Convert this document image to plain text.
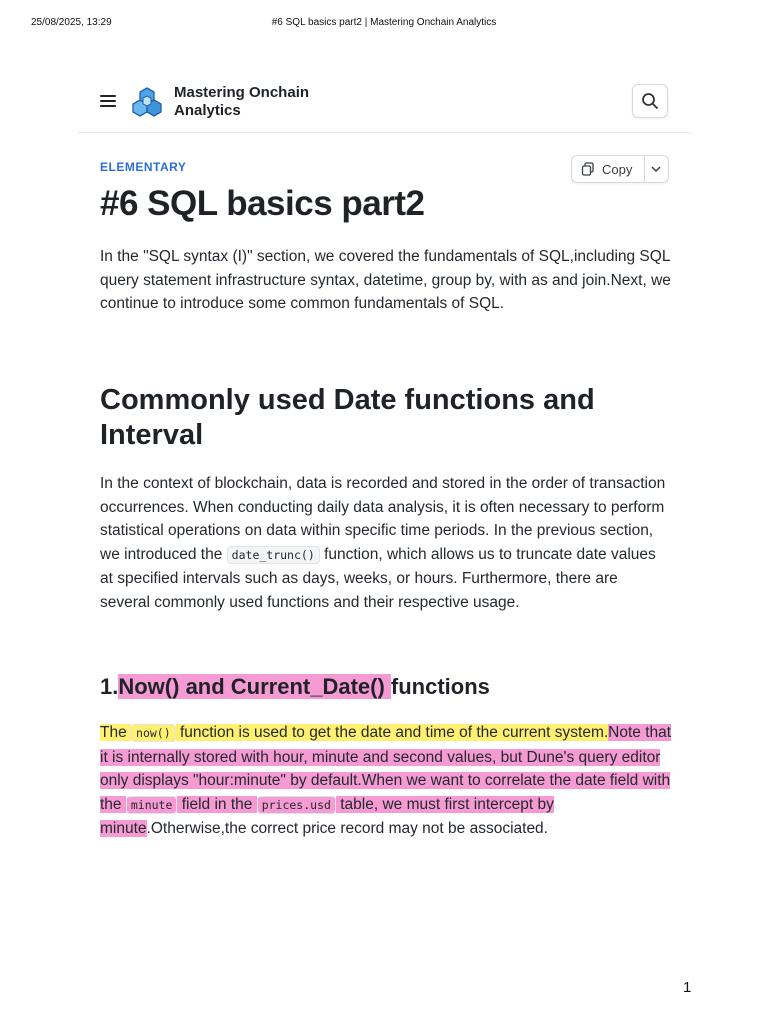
25/08/2025, 13:29	#6 SQL basics part2 | Mastering Onchain Analytics
Mastering Onchain
Analytics
ELEMENTARY	Copy
#6 SQL basics part2

In the "SQL syntax (I)" section, we covered the fundamentals of SQL,including SQL query statement infrastructure syntax, datetime, group by, with as and join.Next, we continue to introduce some common fundamentals of SQL.

Commonly used Date functions and Interval

In the context of blockchain, data is recorded and stored in the order of transaction occurrences. When conducting daily data analysis, it is often necessary to perform statistical operations on data within specific time periods. In the previous section, we introduced the date_trunc() function, which allows us to truncate date values at specified intervals such as days, weeks, or hours. Furthermore, there are several commonly used functions and their respective usage.

1.Now() and Current_Date() functions

The now() function is used to get the date and time of the current system.Note that it is internally stored with hour, minute and second values, but Dune's query editor only displays "hour:minute" by default.When we want to correlate the date field with the minute field in the prices.usd table, we must first intercept by minute.Otherwise,the correct price record may not be associated.

1
